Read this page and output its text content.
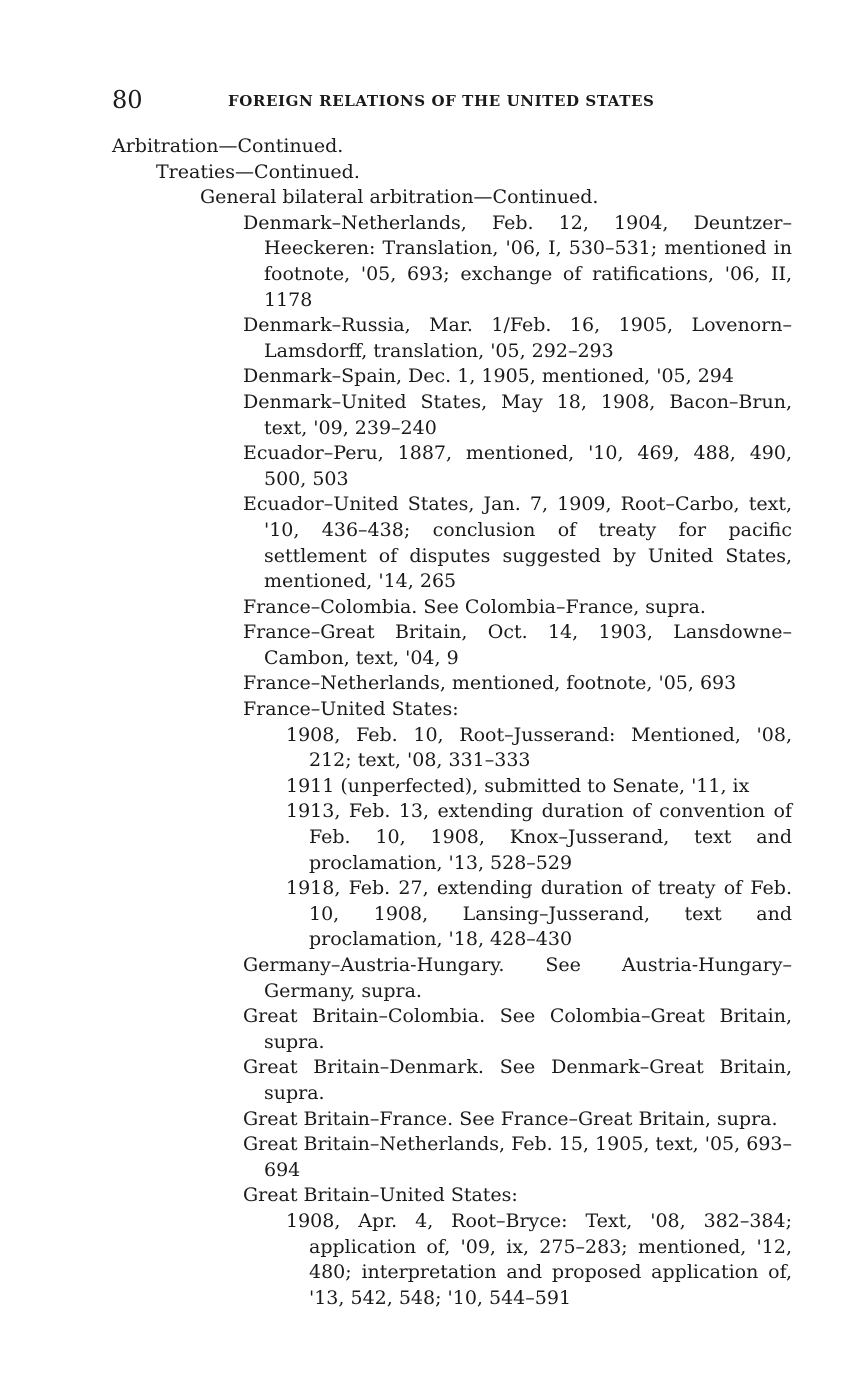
80	FOREIGN RELATIONS OF THE UNITED STATES
Arbitration—Continued.
Treaties—Continued.
General bilateral arbitration—Continued.
Denmark–Netherlands, Feb. 12, 1904, Deuntzer–Heeckeren: Translation, '06, I, 530–531; mentioned in footnote, '05, 693; exchange of ratifications, '06, II, 1178
Denmark–Russia, Mar. 1/Feb. 16, 1905, Lovenorn–Lamsdorff, translation, '05, 292–293
Denmark–Spain, Dec. 1, 1905, mentioned, '05, 294
Denmark–United States, May 18, 1908, Bacon–Brun, text, '09, 239–240
Ecuador–Peru, 1887, mentioned, '10, 469, 488, 490, 500, 503
Ecuador–United States, Jan. 7, 1909, Root–Carbo, text, '10, 436–438; conclusion of treaty for pacific settlement of disputes suggested by United States, mentioned, '14, 265
France–Colombia. See Colombia–France, supra.
France–Great Britain, Oct. 14, 1903, Lansdowne–Cambon, text, '04, 9
France–Netherlands, mentioned, footnote, '05, 693
France–United States:
1908, Feb. 10, Root–Jusserand: Mentioned, '08, 212; text, '08, 331–333
1911 (unperfected), submitted to Senate, '11, ix
1913, Feb. 13, extending duration of convention of Feb. 10, 1908, Knox–Jusserand, text and proclamation, '13, 528–529
1918, Feb. 27, extending duration of treaty of Feb. 10, 1908, Lansing–Jusserand, text and proclamation, '18, 428–430
Germany–Austria-Hungary. See Austria-Hungary–Germany, supra.
Great Britain–Colombia. See Colombia–Great Britain, supra.
Great Britain–Denmark. See Denmark–Great Britain, supra.
Great Britain–France. See France–Great Britain, supra.
Great Britain–Netherlands, Feb. 15, 1905, text, '05, 693–694
Great Britain–United States:
1908, Apr. 4, Root–Bryce: Text, '08, 382–384; application of, '09, ix, 275–283; mentioned, '12, 480; interpretation and proposed application of, '13, 542, 548; '10, 544–591
